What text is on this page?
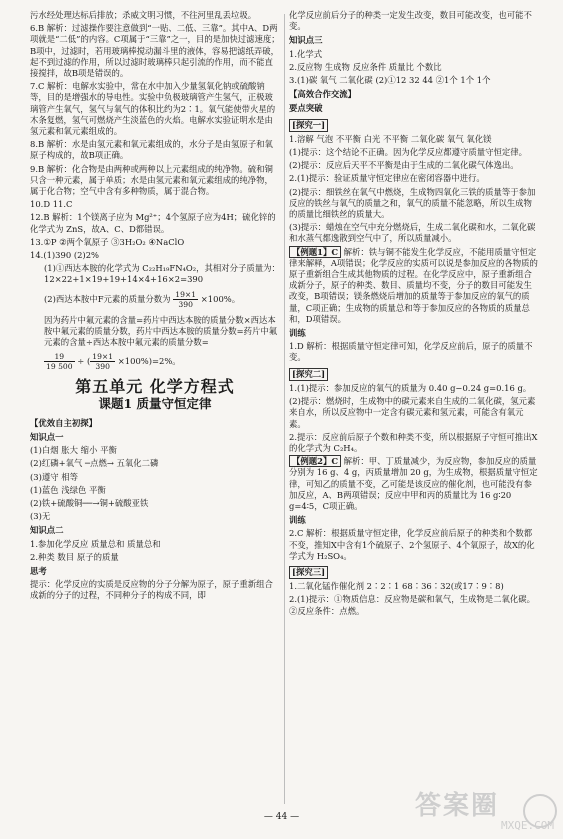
污水经处理达标后排放；杀威文明习惯，不往河里乱丢垃圾。
6.B 解析：过滤操作要注意做到“一贴、二低、三靠”。其中A、D两项就是“二低”的内容。C项属于“三靠”之一，目的是加快过滤速度；B项中，过滤时，若用玻璃棒搅动漏斗里的液体，容易把滤纸弄破，起不到过滤的作用，所以过滤时玻璃棒只起引流的作用，而不能直接搅拌，故B项是错误的。
7.C 解析：电解水实验中，常在水中加入少量氢氧化钠或硫酸钠等，目的是增强水的导电性。实验中负极玻璃管产生氢气，正极玻璃管产生氧气，氢气与氧气的体积比约为2∶1。氧气能使带火星的木条复燃，氢气可燃烧产生淡蓝色的火焰。电解水实验证明水是由氢元素和氧元素组成的。
8.B 解析：水是由氢元素和氧元素组成的，水分子是由氢原子和氧原子构成的，故B项正确。
9.B 解析：化合物是由两种或两种以上元素组成的纯净物。硫和铜只含一种元素，属于单质；水是由氢元素和氧元素组成的纯净物，属于化合物；空气中含有多种物质，属于混合物。
10.D 11.C
12.B 解析：1个镁离子应为 Mg²⁺；4个氢原子应为4H；硫化锌的化学式为 ZnS，故A、C、D都错误。
13.①P ②两个氧原子 ③3H₂O₂ ④NaClO
14.(1)390 (2)2%
(1)①西达本胺的化学式为 C₂₂H₁₉FN₄O₂，其相对分子质量为：12×22+1×19+19+14×4+16×2=390
(2)西达本胺中F元素的质量分数为 $\frac{19\times 1}{390} \times 100\%$。
因为药片中氟元素的含量=药片中西达本胺的质量分数×西达本胺中氟元素的质量分数，药片中西达本胺的质量分数=药片中氟元素的含量÷西达本胺中氟元素的质量分数=
$\frac{19}{19 500}$ ÷ ( $\frac{19\times 1}{390} \times 100\%)=2\%$。
第五单元 化学方程式
课题1 质量守恒定律
【优效自主初探】
知识点一
(1)白烟 胀大 缩小 平衡
(2)红磷+氧气 ─点燃→ 五氧化二磷
(3)遵守 相等
(1)蓝色 浅绿色 平衡
(2)铁+硫酸铜──→铜+硫酸亚铁
(3)无
知识点二
1.参加化学反应 质量总和 质量总和
2.种类 数目 原子的质量
思考
提示：化学反应的实质是反应物的分子分解为原子，原子重新组合成新的分子的过程，不同种分子的构成不同，即
化学反应前后分子的种类一定发生改变，数目可能改变，也可能不变。
知识点三
1.化学式
2.反应物 生成物 反应条件 质量比 个数比
3.(1)碳 氧气 二氧化碳 (2)①12 32 44 ②1个 1个 1个
【高效合作交流】
要点突破
[探究一]
1.溶解 气泡 不平衡 白光 不平衡 二氧化碳 氧气 氧化镁
(1)提示：这个结论不正确。因为化学反应都遵守质量守恒定律。
(2)提示：反应后天平不平衡是由于生成的二氧化碳气体逸出。
2.(1)提示：验证质量守恒定律应在密闭容器中进行。
(2)提示：细铁丝在氧气中燃烧，生成物四氧化三铁的质量等于参加反应的铁丝与氧气的质量之和，氧气的质量不能忽略，所以生成物的质量比细铁丝的质量大。
(3)提示：蜡烛在空气中充分燃烧后，生成二氧化碳和水，二氧化碳和水蒸气都逸散到空气中了，所以质量减小。
【例题1】C 解析：铁与铜不能发生化学反应，不能用质量守恒定律来解释，A项错误；化学反应的实质可以说是参加反应的各物质的原子重新组合生成其他物质的过程。在化学反应中，原子重新组合成新分子，原子的种类、数目、质量均不变，分子的数目可能发生改变，B项错误；镁条燃烧后增加的质量等于参加反应的氧气的质量，C项正确；生成物的质量总和等于参加反应的各物质的质量总和，D项错误。
训练
1.D 解析：根据质量守恒定律可知，化学反应前后，原子的质量不变。
[探究二]
1.(1)提示：参加反应的氧气的质量为 0.40 g−0.24 g=0.16 g。
(2)提示：燃烧时，生成物中的碳元素来自生成的二氧化碳，氢元素来自水，所以反应物中一定含有碳元素和氢元素，可能含有氧元素。
2.提示：反应前后原子个数和种类不变，所以根据原子守恒可推出X的化学式为 C₂H₄。
【例题2】C 解析：甲、丁质量减少，为反应物，参加反应的质量分别为 16 g、4 g，丙质量增加 20 g，为生成物，根据质量守恒定律，可知乙的质量不变，乙可能是该反应的催化剂，也可能没有参加反应，A、B两项错误；反应中甲和丙的质量比为 16 g∶20 g=4∶5，C项正确。
训练
2.C 解析：根据质量守恒定律，化学反应前后原子的种类和个数都不变，推知X中含有1个硫原子、2个氢原子、4个氧原子，故X的化学式为 H₂SO₄。
[探究三]
1.二氧化锰作催化剂 2∶2∶1 68∶36∶32(或17∶9∶8)
2.(1)提示：①物质信息：反应物是碳和氧气，生成物是二氧化碳。②反应条件：点燃。
— 44 —	答案圈
MXQE.COM
